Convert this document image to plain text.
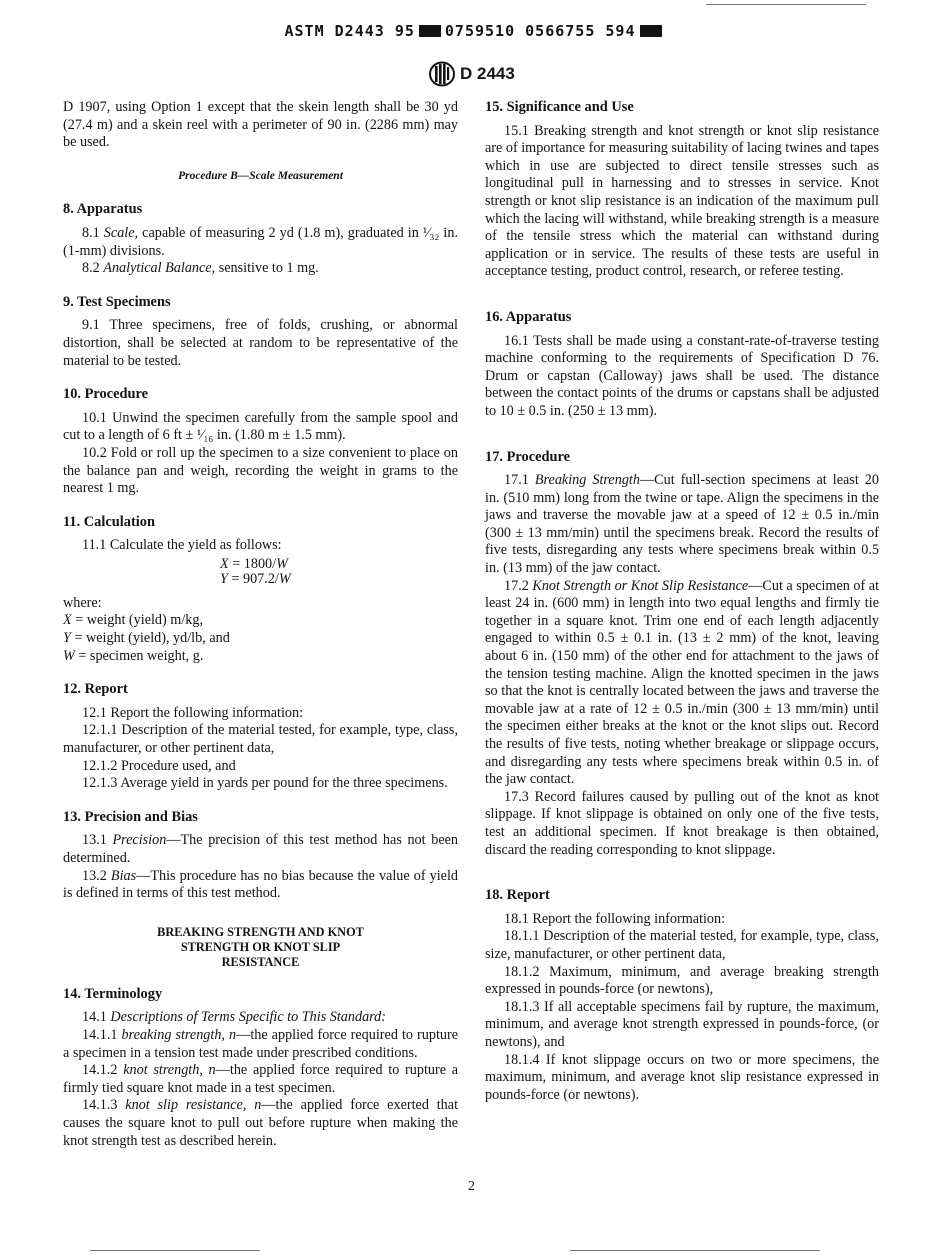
ASTM D2443 95 0759510 0566755 594
D 2443

D 1907, using Option 1 except that the skein length shall be 30 yd (27.4 m) and a skein reel with a perimeter of 90 in. (2286 mm) may be used.

Procedure B—Scale Measurement
8. Apparatus

8.1 Scale, capable of measuring 2 yd (1.8 m), graduated in ¹⁄₃₂ in. (1-mm) divisions.

8.2 Analytical Balance, sensitive to 1 mg.

9. Test Specimens

9.1 Three specimens, free of folds, crushing, or abnormal distortion, shall be selected at random to be representative of the material to be tested.

10. Procedure

10.1 Unwind the specimen carefully from the sample spool and cut to a length of 6 ft ± ¹⁄₁₆ in. (1.80 m ± 1.5 mm).

10.2 Fold or roll up the specimen to a size convenient to place on the balance pan and weigh, recording the weight in grams to the nearest 1 mg.

11. Calculation

11.1 Calculate the yield as follows:

X = 1800/W
Y = 907.2/W

where:

X = weight (yield) m/kg,

Y = weight (yield), yd/lb, and

W = specimen weight, g.

12. Report

12.1 Report the following information:

12.1.1 Description of the material tested, for example, type, class, manufacturer, or other pertinent data,

12.1.2 Procedure used, and

12.1.3 Average yield in yards per pound for the three specimens.

13. Precision and Bias

13.1 Precision—The precision of this test method has not been determined.

13.2 Bias—This procedure has no bias because the value of yield is defined in terms of this test method.

BREAKING STRENGTH AND KNOT
STRENGTH OR KNOT SLIP
RESISTANCE
14. Terminology

14.1 Descriptions of Terms Specific to This Standard:

14.1.1 breaking strength, n—the applied force required to rupture a specimen in a tension test made under prescribed conditions.

14.1.2 knot strength, n—the applied force required to rupture a firmly tied square knot made in a test specimen.

14.1.3 knot slip resistance, n—the applied force exerted that causes the square knot to pull out before rupture when making the knot strength test as described herein.

15. Significance and Use

15.1 Breaking strength and knot strength or knot slip resistance are of importance for measuring suitability of lacing twines and tapes which in use are subjected to direct tensile stresses such as longitudinal pull in harnessing and to stresses in service. Knot strength or knot slip resistance is an indication of the maximum pull which the lacing will withstand, while breaking strength is a measure of the tensile stress which the material can withstand during application or in service. The results of these tests are useful in acceptance testing, product control, research, or referee testing.

16. Apparatus

16.1 Tests shall be made using a constant-rate-of-traverse testing machine conforming to the requirements of Specification D 76. Drum or capstan (Calloway) jaws shall be used. The distance between the contact points of the drums or capstans shall be adjusted to 10 ± 0.5 in. (250 ± 13 mm).

17. Procedure

17.1 Breaking Strength—Cut full-section specimens at least 20 in. (510 mm) long from the twine or tape. Align the specimens in the jaws and traverse the movable jaw at a speed of 12 ± 0.5 in./min (300 ± 13 mm/min) until the specimens break. Record the results of five tests, disregarding any tests where specimens break within 0.5 in. (13 mm) of the jaw contact.

17.2 Knot Strength or Knot Slip Resistance—Cut a specimen of at least 24 in. (600 mm) in length into two equal lengths and firmly tie together in a square knot. Trim one end of each length adjacently engaged to within 0.5 ± 0.1 in. (13 ± 2 mm) of the knot, leaving about 6 in. (150 mm) of the other end for attachment to the jaws of the tension testing machine. Align the knotted specimen in the jaws so that the knot is centrally located between the jaws and traverse the movable jaw at a rate of 12 ± 0.5 in./min (300 ± 13 mm/min) until the specimen either breaks at the knot or the knot slips out. Record the results of five tests, noting whether breakage or slippage occurs, and disregarding any tests where specimens break within 0.5 in. of the jaw contact.

17.3 Record failures caused by pulling out of the knot as knot slippage. If knot slippage is obtained on only one of the five tests, test an additional specimen. If knot breakage is then obtained, discard the reading corresponding to knot slippage.

18. Report

18.1 Report the following information:

18.1.1 Description of the material tested, for example, type, class, size, manufacturer, or other pertinent data,

18.1.2 Maximum, minimum, and average breaking strength expressed in pounds-force (or newtons),

18.1.3 If all acceptable specimens fail by rupture, the maximum, minimum, and average knot strength expressed in pounds-force, (or newtons), and

18.1.4 If knot slippage occurs on two or more specimens, the maximum, minimum, and average knot slip resistance expressed in pounds-force (or newtons).

2
